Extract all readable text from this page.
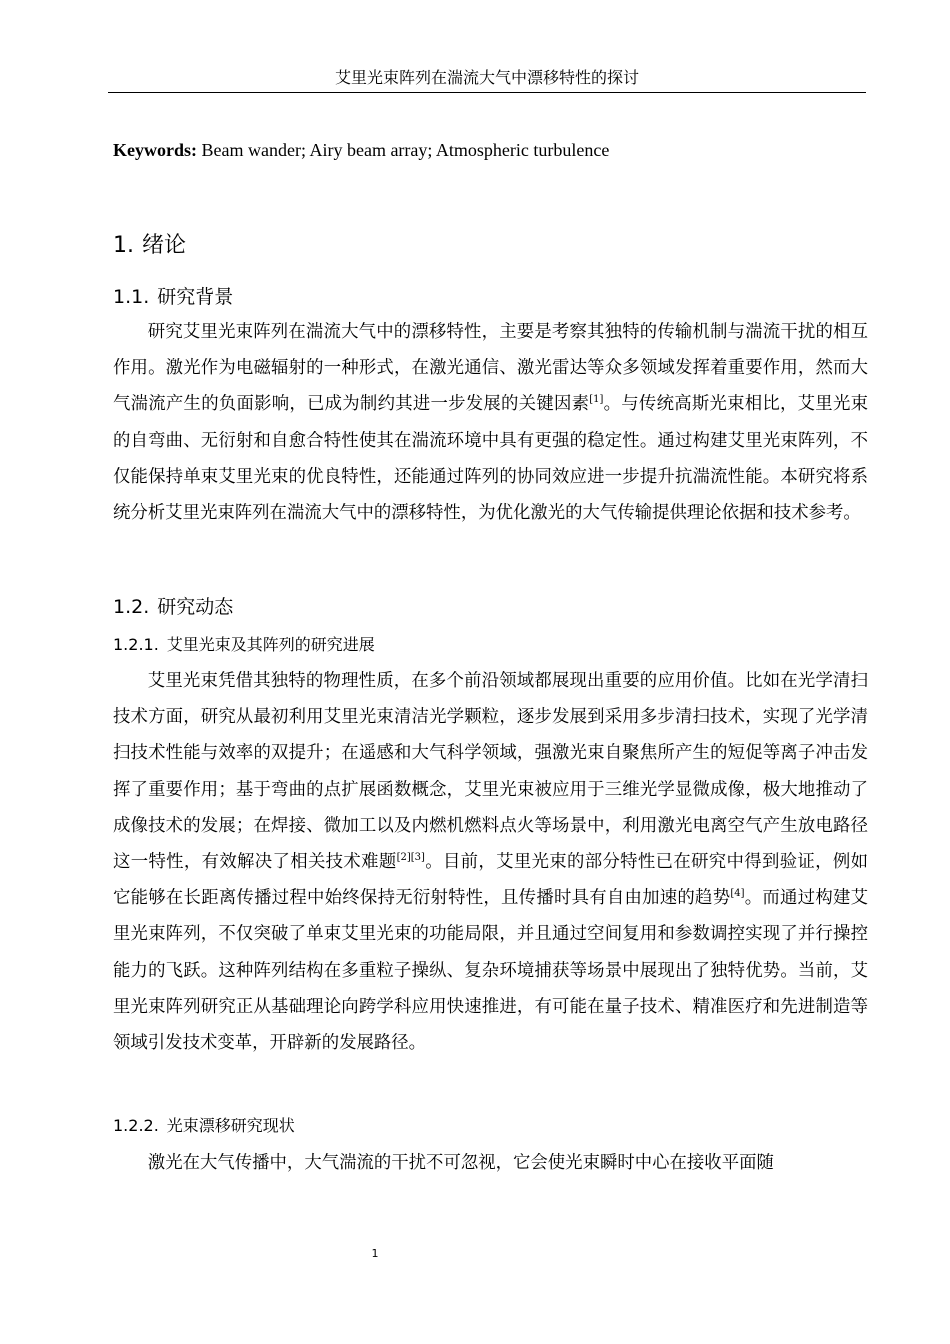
艾里光束阵列在湍流大气中漂移特性的探讨
Keywords: Beam wander; Airy beam array; Atmospheric turbulence
1. 绪论
1.1. 研究背景

研究艾里光束阵列在湍流大气中的漂移特性，主要是考察其独特的传输机制与湍流干扰的相互作用。激光作为电磁辐射的一种形式，在激光通信、激光雷达等众多领域发挥着重要作用，然而大气湍流产生的负面影响，已成为制约其进一步发展的关键因素[1]。与传统高斯光束相比，艾里光束的自弯曲、无衍射和自愈合特性使其在湍流环境中具有更强的稳定性。通过构建艾里光束阵列，不仅能保持单束艾里光束的优良特性，还能通过阵列的协同效应进一步提升抗湍流性能。本研究将系统分析艾里光束阵列在湍流大气中的漂移特性，为优化激光的大气传输提供理论依据和技术参考。

1.2. 研究动态
1.2.1. 艾里光束及其阵列的研究进展

艾里光束凭借其独特的物理性质，在多个前沿领域都展现出重要的应用价值。比如在光学清扫技术方面，研究从最初利用艾里光束清洁光学颗粒，逐步发展到采用多步清扫技术，实现了光学清扫技术性能与效率的双提升；在遥感和大气科学领域，强激光束自聚焦所产生的短促等离子冲击发挥了重要作用；基于弯曲的点扩展函数概念，艾里光束被应用于三维光学显微成像，极大地推动了成像技术的发展；在焊接、微加工以及内燃机燃料点火等场景中，利用激光电离空气产生放电路径这一特性，有效解决了相关技术难题[2][3]。目前，艾里光束的部分特性已在研究中得到验证，例如它能够在长距离传播过程中始终保持无衍射特性，且传播时具有自由加速的趋势[4]。而通过构建艾里光束阵列，不仅突破了单束艾里光束的功能局限，并且通过空间复用和参数调控实现了并行操控能力的飞跃。这种阵列结构在多重粒子操纵、复杂环境捕获等场景中展现出了独特优势。当前，艾里光束阵列研究正从基础理论向跨学科应用快速推进，有可能在量子技术、精准医疗和先进制造等领域引发技术变革，开辟新的发展路径。

1.2.2. 光束漂移研究现状

激光在大气传播中，大气湍流的干扰不可忽视，它会使光束瞬时中心在接收平面随

1
